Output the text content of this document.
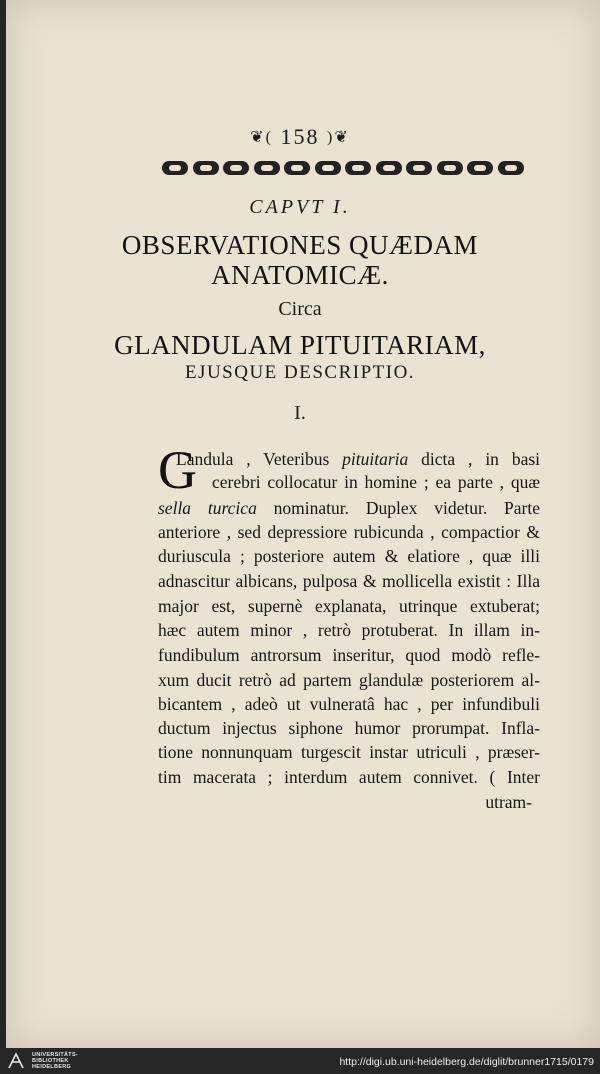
❦( 158 )❦
CAPVT I.
OBSERVATIONES QUÆDAM
ANATOMICÆ.
Circa
GLANDULAM PITUITARIAM,
EJUSQUE DESCRIPTIO.
I.
G
Landula , Veteribus pituitaria dicta , in basi
cerebri collocatur in homine ; ea parte , quæ
sella turcica nominatur. Duplex videtur. Parte
anteriore , sed depressiore rubicunda , compactior &
duriuscula ; posteriore autem & elatiore , quæ illi
adnascitur albicans, pulposa & mollicella existit : Illa
major est, supernè explanata, utrinque extuberat;
hæc autem minor , retrò protuberat. In illam in-
fundibulum antrorsum inseritur, quod modò refle-
xum ducit retrò ad partem glandulæ posteriorem al-
bicantem , adeò ut vulneratâ hac , per infundibuli
ductum injectus siphone humor prorumpat. Infla-
tione nonnunquam turgescit instar utriculi , præser-
tim macerata ; interdum autem connivet. ( Inter
utram-
UNIVERSITÄTS-
BIBLIOTHEK
HEIDELBERG	http://digi.ub.uni-heidelberg.de/diglit/brunner1715/0179
